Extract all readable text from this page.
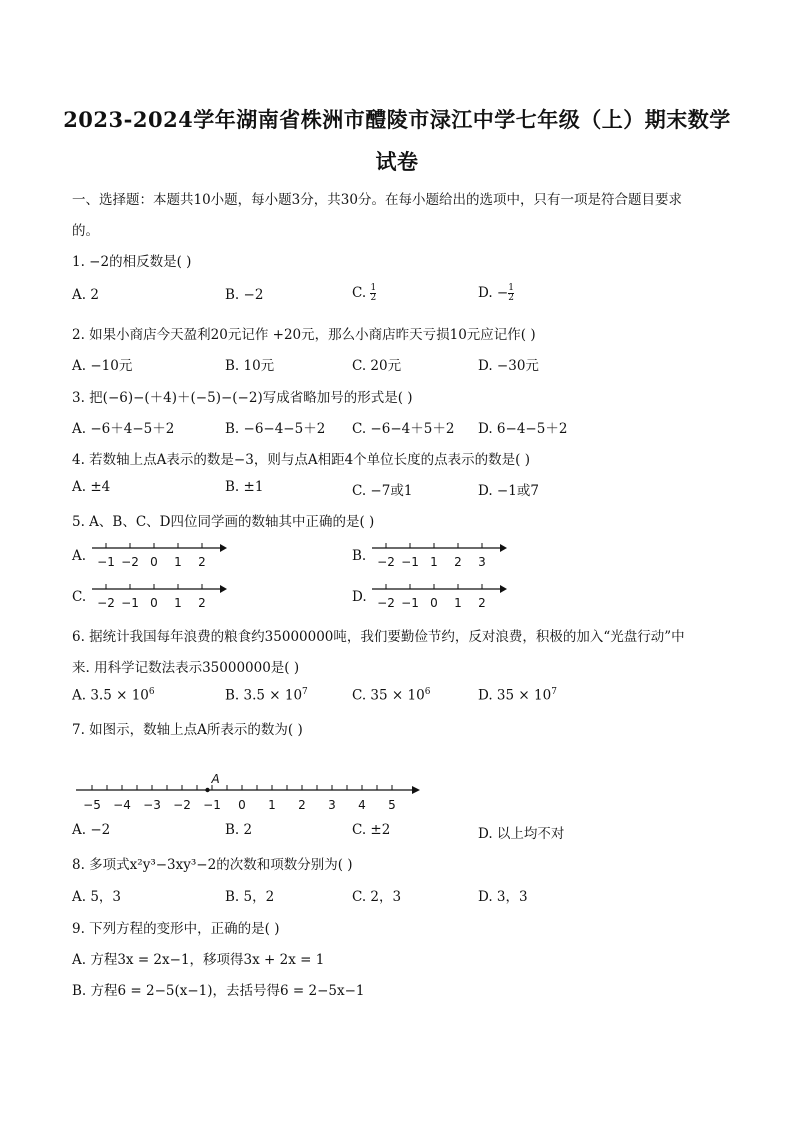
2023-2024学年湖南省株洲市醴陵市渌江中学七年级（上）期末数学
试卷
一、选择题：本题共10小题，每小题3分，共30分。在每小题给出的选项中，只有一项是符合题目要求
的。
1. −2的相反数是( )
A. 2	B. −2	C. $\frac{1}{2}$	D. $-\frac{1}{2}$
2. 如果小商店今天盈利20元记作 +20元，那么小商店昨天亏损10元应记作( )
A. −10元	B. 10元	C. 20元	D. −30元
3. 把(−6)−(＋4)＋(−5)−(−2)写成省略加号的形式是( )
A. −6＋4−5＋2	B. −6−4−5＋2 C. −6−4＋5＋2 D. 6−4−5＋2
4. 若数轴上点A表示的数是−3，则与点A相距4个单位长度的点表示的数是( )
A. ±4	B. ±1	C. −7或1	D. −1或7
5. A、B、C、D四位同学画的数轴其中正确的是( )
A.	B.
C.	D.
−1 −2 0 1 2	−2 −1 1 2 3
−2 −1 0 1 2	−2 −1 0 1 2
6. 据统计我国每年浪费的粮食约35000000吨，我们要勤俭节约，反对浪费，积极的加入“光盘行动”中
来. 用科学记数法表示35000000是( )
A. $3.5 \times 10^6$	B. $3.5 \times 10^7$	C. $35 \times 10^6$	D. $35 \times 10^7$
7. 如图示，数轴上点A所表示的数为( )
−5 −4 −3 −2 −1 0 1 2 3 4 5
A
A. −2	B. 2	C. ±2	D. 以上均不对
8. 多项式x²y³−3xy³−2的次数和项数分别为( )
A. 5，3	B. 5，2	C. 2，3	D. 3，3
9. 下列方程的变形中，正确的是( )
A. 方程3x = 2x−1，移项得3x + 2x = 1
B. 方程6 = 2−5(x−1)，去括号得6 = 2−5x−1
